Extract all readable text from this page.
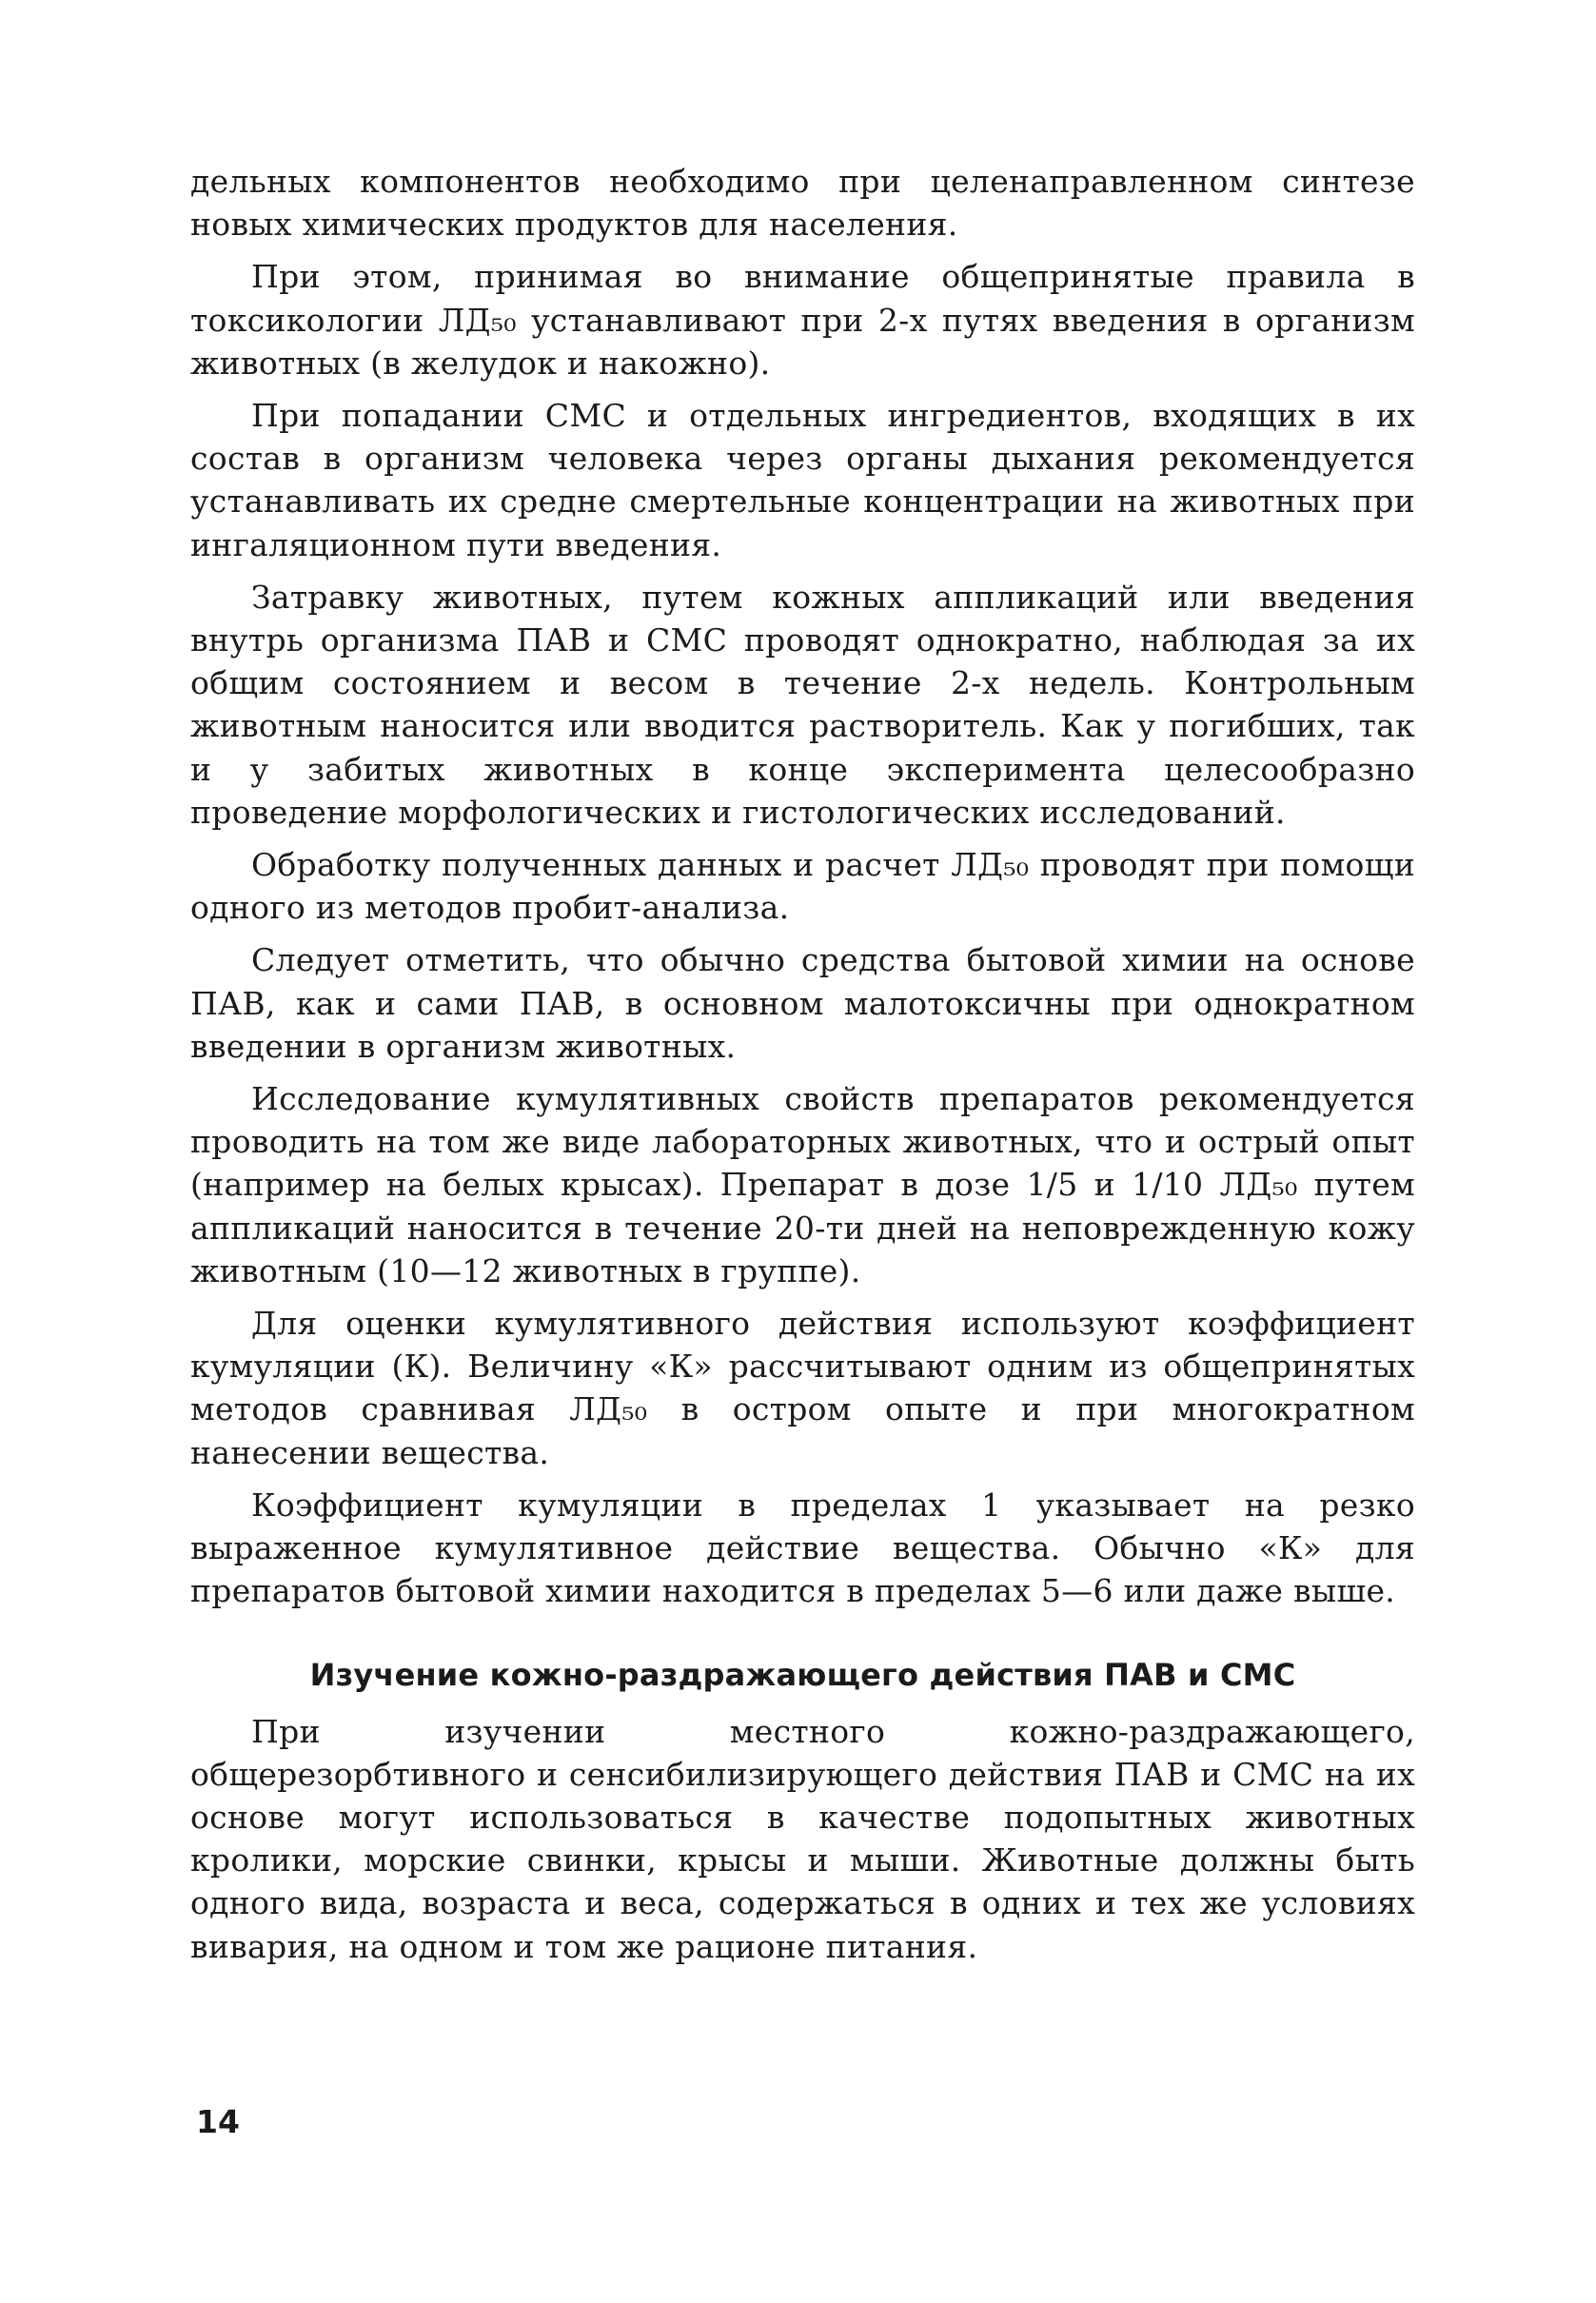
дельных компонентов необходимо при целенаправленном синтезе новых химических продуктов для населения.

При этом, принимая во внимание общепринятые правила в токсикологии ЛД₅₀ устанавливают при 2-х путях введения в организм животных (в желудок и накожно).

При попадании СМС и отдельных ингредиентов, входящих в их состав в организм человека через органы дыхания рекомендуется устанавливать их средне смертельные концентрации на животных при ингаляционном пути введения.

Затравку животных, путем кожных аппликаций или введения внутрь организма ПАВ и СМС проводят однократно, наблюдая за их общим состоянием и весом в течение 2-х недель. Контрольным животным наносится или вводится растворитель. Как у погибших, так и у забитых животных в конце эксперимента целесообразно проведение морфологических и гистологических исследований.

Обработку полученных данных и расчет ЛД₅₀ проводят при помощи одного из методов пробит-анализа.

Следует отметить, что обычно средства бытовой химии на основе ПАВ, как и сами ПАВ, в основном малотоксичны при однократном введении в организм животных.

Исследование кумулятивных свойств препаратов рекомендуется проводить на том же виде лабораторных животных, что и острый опыт (например на белых крысах). Препарат в дозе 1/5 и 1/10 ЛД₅₀ путем аппликаций наносится в течение 20-ти дней на неповрежденную кожу животным (10—12 животных в группе).

Для оценки кумулятивного действия используют коэффициент кумуляции (К). Величину «К» рассчитывают одним из общепринятых методов сравнивая ЛД₅₀ в остром опыте и при многократном нанесении вещества.

Коэффициент кумуляции в пределах 1 указывает на резко выраженное кумулятивное действие вещества. Обычно «К» для препаратов бытовой химии находится в пределах 5—6 или даже выше.

Изучение кожно-раздражающего действия ПАВ и СМС

При изучении местного кожно-раздражающего, общерезорбтивного и сенсибилизирующего действия ПАВ и СМС на их основе могут использоваться в качестве подопытных животных кролики, морские свинки, крысы и мыши. Животные должны быть одного вида, возраста и веса, содержаться в одних и тех же условиях вивария, на одном и том же рационе питания.

14
